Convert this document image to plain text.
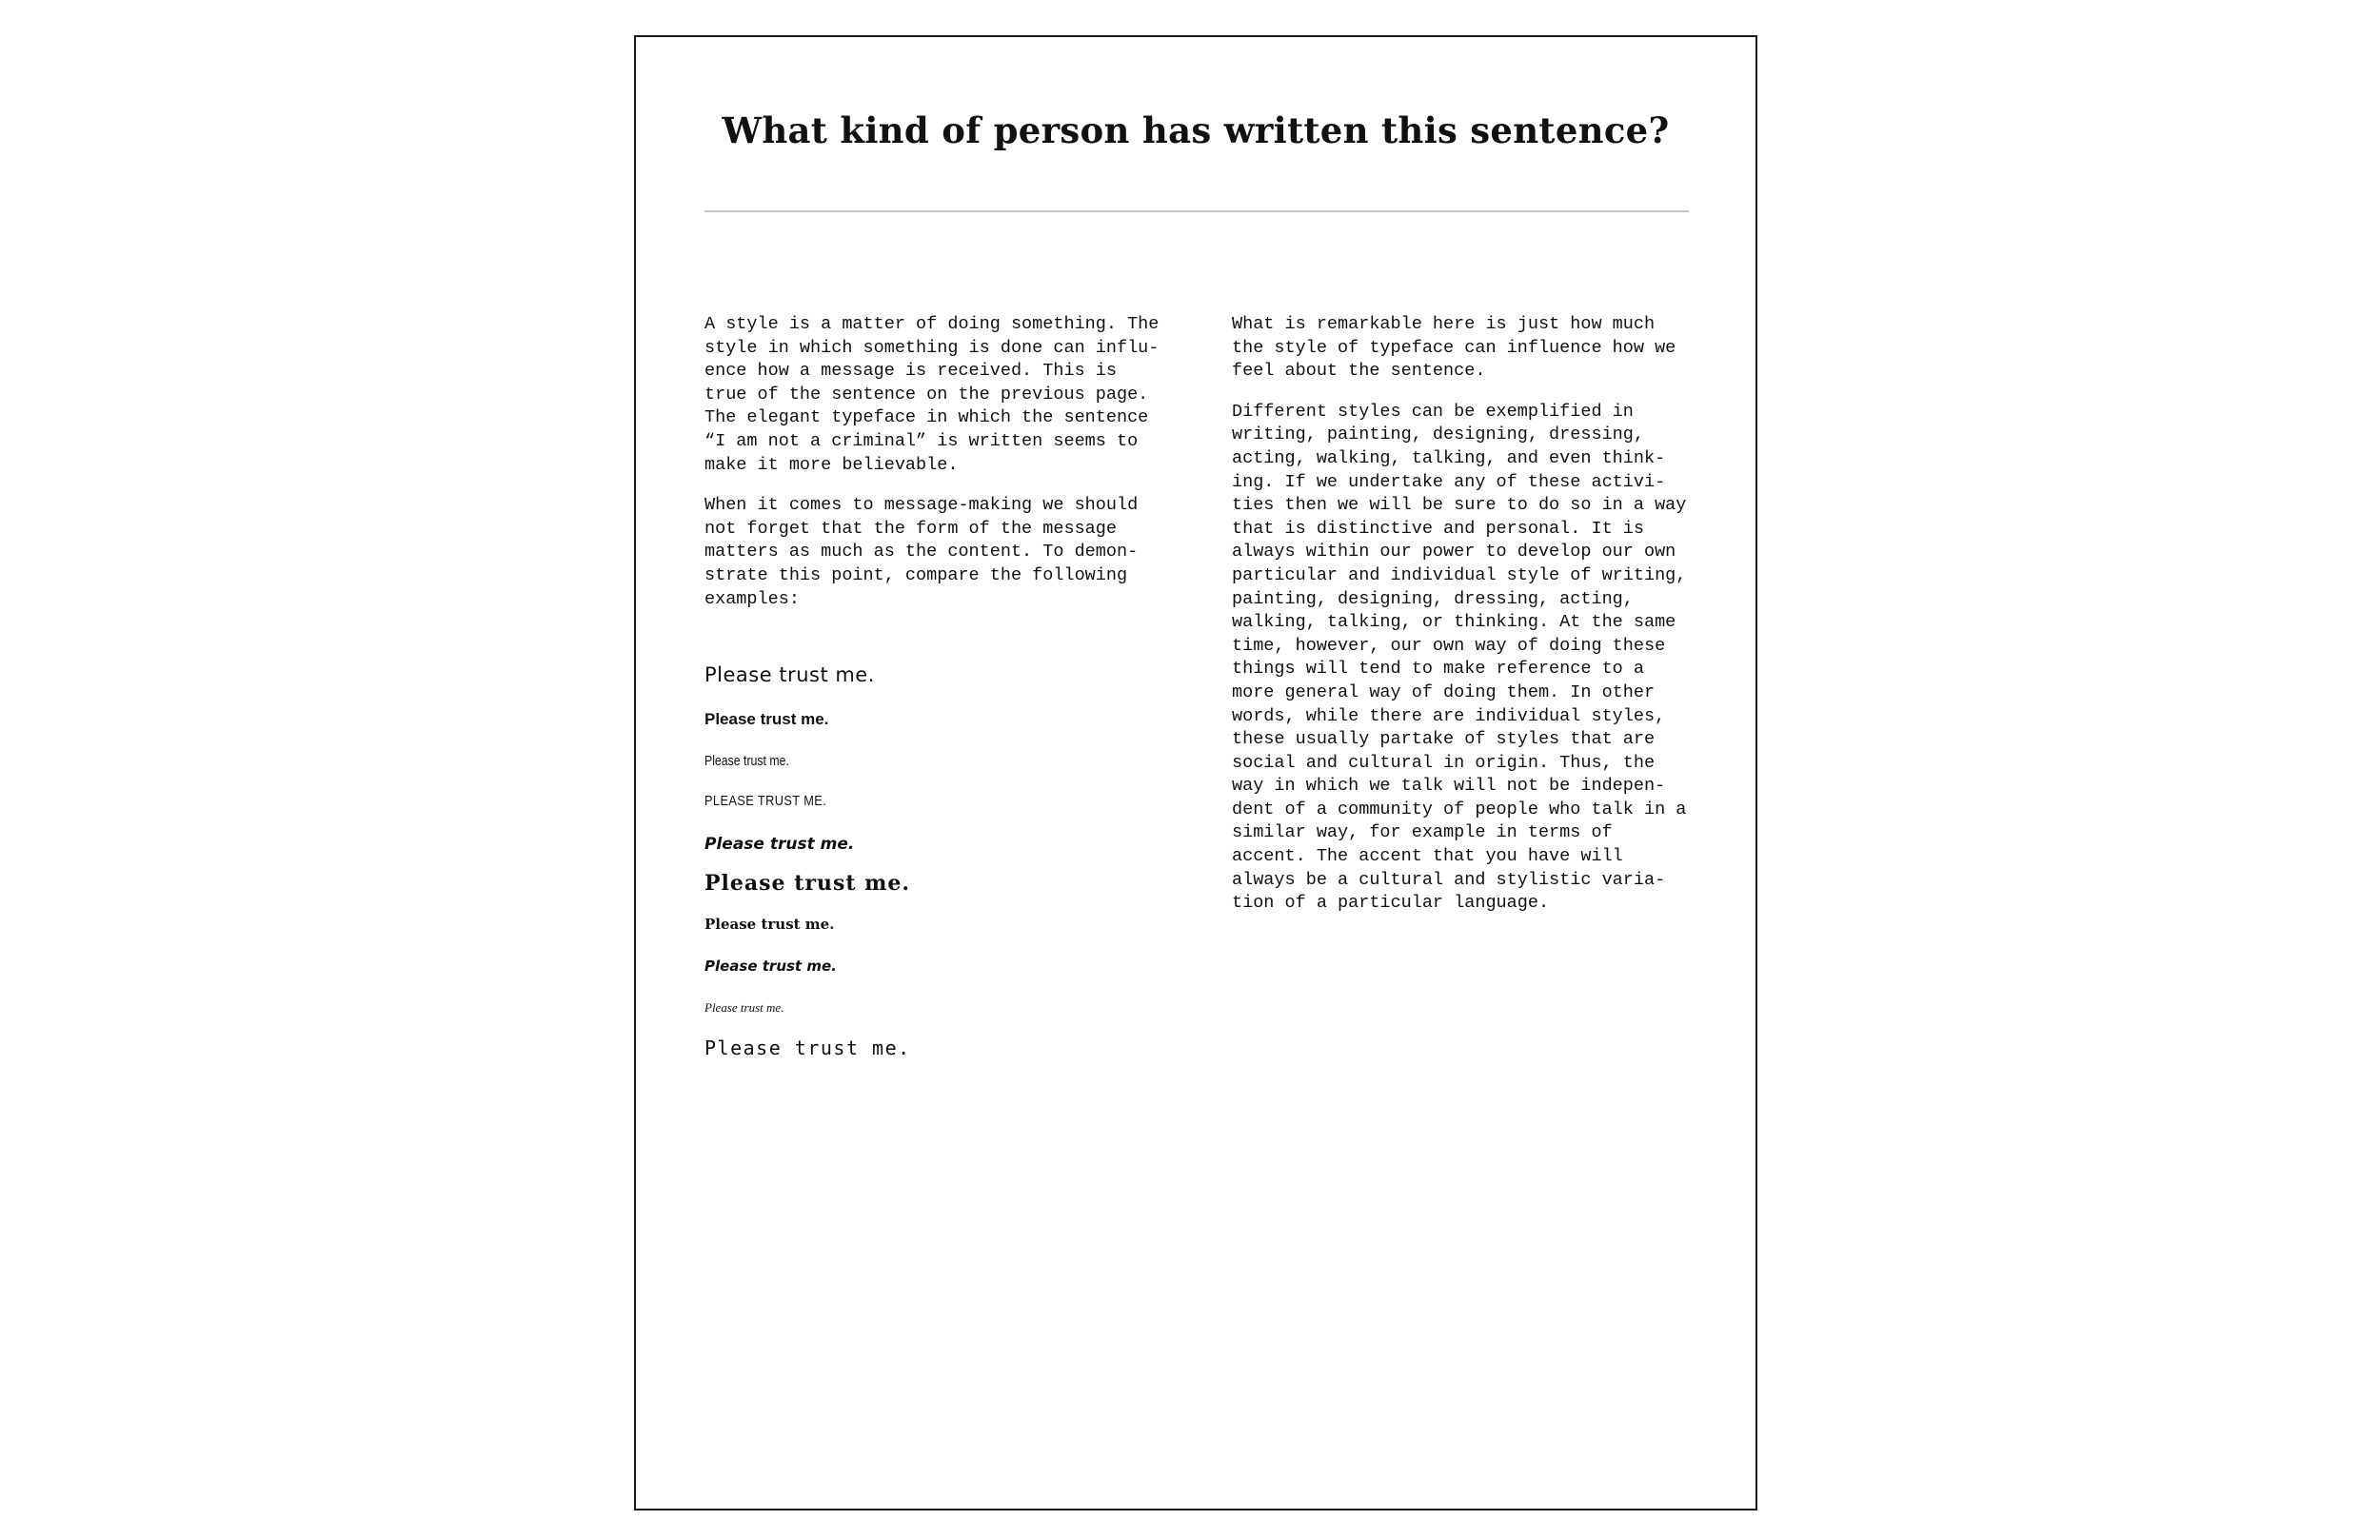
What kind of person has written this sentence?

A style is a matter of doing something. The
style in which something is done can influ-
ence how a message is received. This is
true of the sentence on the previous page.
The elegant typeface in which the sentence
“I am not a criminal” is written seems to
make it more believable.

When it comes to message-making we should
not forget that the form of the message
matters as much as the content. To demon-
strate this point, compare the following
examples:

Please trust me.
Please trust me.
Please trust me.
PLEASE TRUST ME.
Please trust me.
Please trust me.
Please trust me.
Please trust me.
Please trust me.
Please trust me.

What is remarkable here is just how much
the style of typeface can influence how we
feel about the sentence.

Different styles can be exemplified in
writing, painting, designing, dressing,
acting, walking, talking, and even think-
ing. If we undertake any of these activi-
ties then we will be sure to do so in a way
that is distinctive and personal. It is
always within our power to develop our own
particular and individual style of writing,
painting, designing, dressing, acting,
walking, talking, or thinking. At the same
time, however, our own way of doing these
things will tend to make reference to a
more general way of doing them. In other
words, while there are individual styles,
these usually partake of styles that are
social and cultural in origin. Thus, the
way in which we talk will not be indepen-
dent of a community of people who talk in a
similar way, for example in terms of
accent. The accent that you have will
always be a cultural and stylistic varia-
tion of a particular language.
